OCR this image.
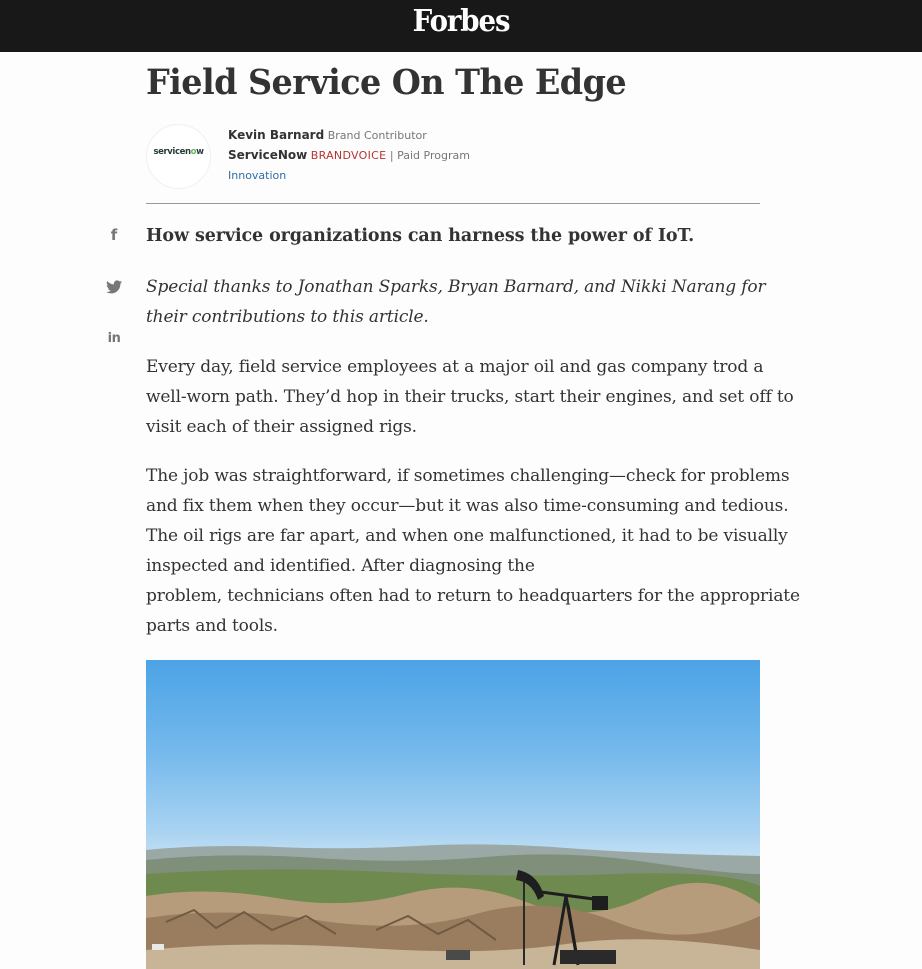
Forbes
Field Service On The Edge
servicenow
Kevin Barnard Brand Contributor
ServiceNow BRANDVOICE | Paid Program
Innovation
f
in
How service organizations can harness the power of IoT.

Special thanks to Jonathan Sparks, Bryan Barnard, and Nikki Narang for
their contributions to this article.

Every day, field service employees at a major oil and gas company trod a
well-worn path. They’d hop in their trucks, start their engines, and set off to
visit each of their assigned rigs.

The job was straightforward, if sometimes challenging—check for problems
and fix them when they occur—but it was also time-consuming and tedious.
The oil rigs are far apart, and when one malfunctioned, it had to be visually
inspected and identified. After diagnosing the
problem, technicians often had to return to headquarters for the appropriate
parts and tools.
